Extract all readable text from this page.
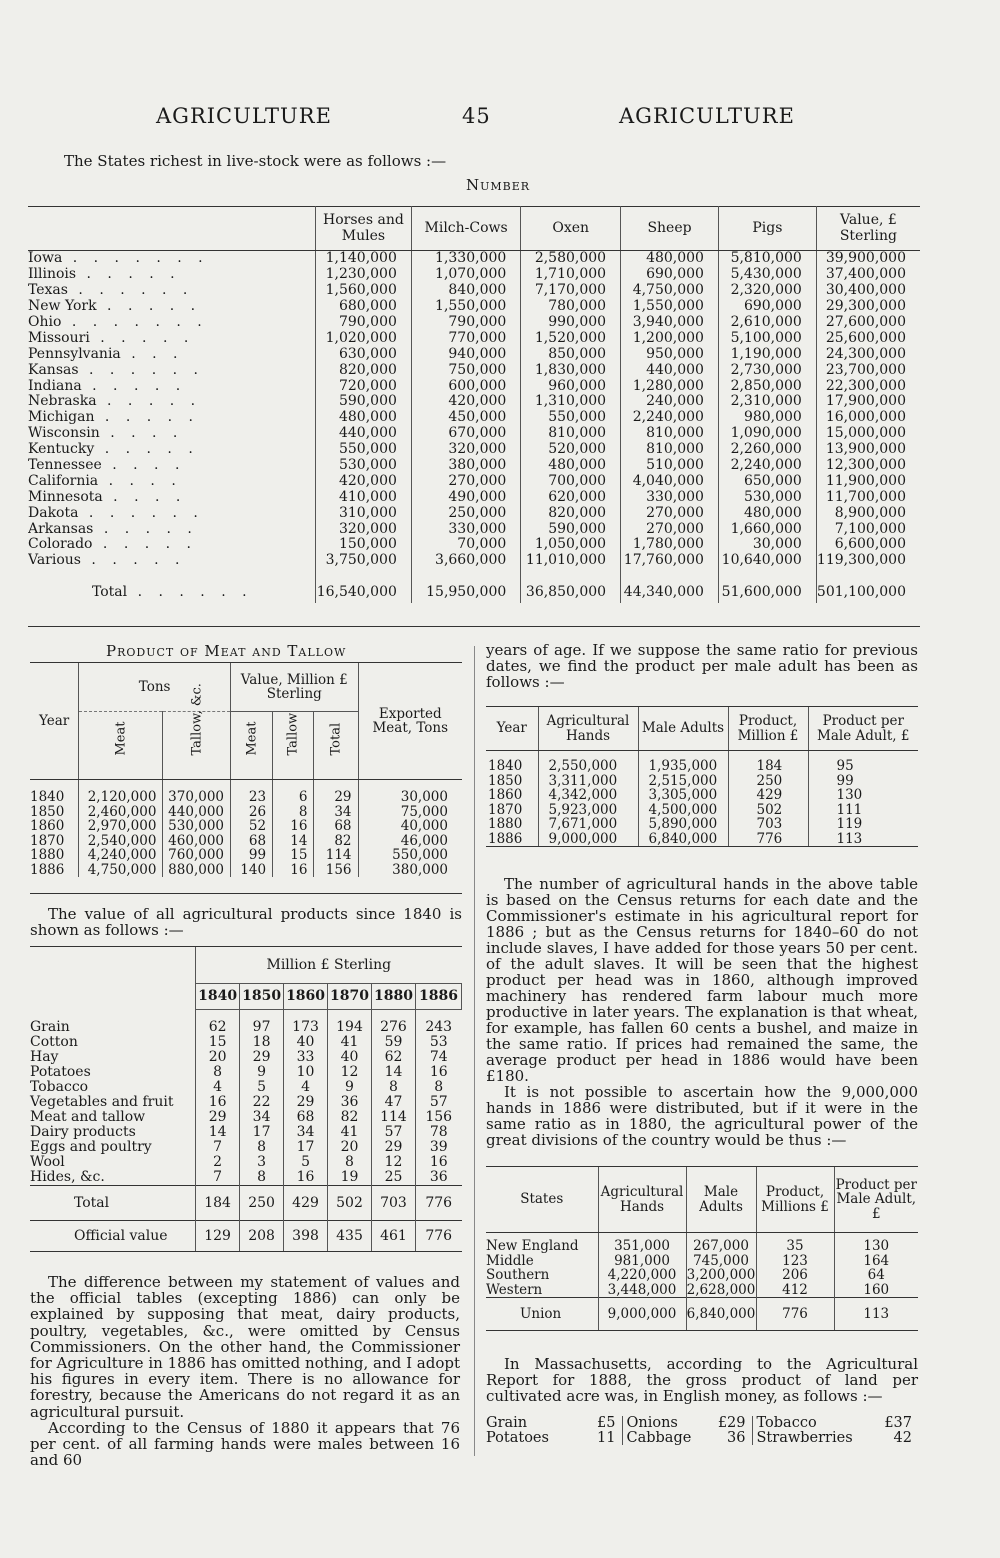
AGRICULTURE	45	AGRICULTURE
The States richest in live-stock were as follows :—
Number
	Horses and Mules	Milch-Cows	Oxen	Sheep	Pigs	Value, £ Sterling
Iowa . . . . . . .	1,140,000	1,330,000	2,580,000	480,000	5,810,000	39,900,000
Illinois . . . . .	1,230,000	1,070,000	1,710,000	690,000	5,430,000	37,400,000
Texas . . . . . .	1,560,000	840,000	7,170,000	4,750,000	2,320,000	30,400,000
New York . . . . .	680,000	1,550,000	780,000	1,550,000	690,000	29,300,000
Ohio . . . . . . .	790,000	790,000	990,000	3,940,000	2,610,000	27,600,000
Missouri . . . . .	1,020,000	770,000	1,520,000	1,200,000	5,100,000	25,600,000
Pennsylvania . . .	630,000	940,000	850,000	950,000	1,190,000	24,300,000
Kansas . . . . . .	820,000	750,000	1,830,000	440,000	2,730,000	23,700,000
Indiana . . . . .	720,000	600,000	960,000	1,280,000	2,850,000	22,300,000
Nebraska . . . . .	590,000	420,000	1,310,000	240,000	2,310,000	17,900,000
Michigan . . . . .	480,000	450,000	550,000	2,240,000	980,000	16,000,000
Wisconsin . . . .	440,000	670,000	810,000	810,000	1,090,000	15,000,000
Kentucky . . . . .	550,000	320,000	520,000	810,000	2,260,000	13,900,000
Tennessee . . . .	530,000	380,000	480,000	510,000	2,240,000	12,300,000
California . . . .	420,000	270,000	700,000	4,040,000	650,000	11,900,000
Minnesota . . . .	410,000	490,000	620,000	330,000	530,000	11,700,000
Dakota . . . . . .	310,000	250,000	820,000	270,000	480,000	8,900,000
Arkansas . . . . .	320,000	330,000	590,000	270,000	1,660,000	7,100,000
Colorado . . . . .	150,000	70,000	1,050,000	1,780,000	30,000	6,600,000
Various . . . . .	3,750,000	3,660,000	11,010,000	17,760,000	10,640,000	119,300,000
Total . . . . . .	16,540,000	15,950,000	36,850,000	44,340,000	51,600,000	501,100,000
Product of Meat and Tallow
Year	Tons		Value, Million £ Sterling			Exported Meat, Tons

	Meat	Tallow, &c.	Meat	Tallow	Total	

1840	2,120,000	370,000	23	6	29	30,000
1850	2,460,000	440,000	26	8	34	75,000
1860	2,970,000	530,000	52	16	68	40,000
1870	2,540,000	460,000	68	14	82	46,000
1880	4,240,000	760,000	99	15	114	550,000
1886	4,750,000	880,000	140	16	156	380,000

The value of all agricultural products since 1840 is shown as follows :—

	Million £ Sterling					
	1840	1850	1860	1870	1880	1886
Grain	62	97	173	194	276	243
Cotton	15	18	40	41	59	53
Hay	20	29	33	40	62	74
Potatoes	8	9	10	12	14	16
Tobacco	4	5	4	9	8	8
Vegetables and fruit	16	22	29	36	47	57
Meat and tallow	29	34	68	82	114	156
Dairy products	14	17	34	41	57	78
Eggs and poultry	7	8	17	20	29	39
Wool	2	3	5	8	12	16
Hides, &c.	7	8	16	19	25	36
Total	184	250	429	502	703	776
Official value	129	208	398	435	461	776

The difference between my statement of values and the official tables (excepting 1886) can only be explained by supposing that meat, dairy products, poultry, vegetables, &c., were omitted by Census Commissioners. On the other hand, the Commissioner for Agriculture in 1886 has omitted nothing, and I adopt his figures in every item. There is no allowance for forestry, because the Americans do not regard it as an agricultural pursuit.

According to the Census of 1880 it appears that 76 per cent. of all farming hands were males between 16 and 60

years of age. If we suppose the same ratio for previous dates, we find the product per male adult has been as follows :—

Year	Agricultural Hands	Male Adults	Product, Million £	Product per Male Adult, £
1840	2,550,000	1,935,000	184	95
1850	3,311,000	2,515,000	250	99
1860	4,342,000	3,305,000	429	130
1870	5,923,000	4,500,000	502	111
1880	7,671,000	5,890,000	703	119
1886	9,000,000	6,840,000	776	113

The number of agricultural hands in the above table is based on the Census returns for each date and the Commissioner's estimate in his agricultural report for 1886 ; but as the Census returns for 1840–60 do not include slaves, I have added for those years 50 per cent. of the adult slaves. It will be seen that the highest product per head was in 1860, although improved machinery has rendered farm labour much more productive in later years. The explanation is that wheat, for example, has fallen 60 cents a bushel, and maize in the same ratio. If prices had remained the same, the average product per head in 1886 would have been £180.

It is not possible to ascertain how the 9,000,000 hands in 1886 were distributed, but if it were in the same ratio as in 1880, the agricultural power of the great divisions of the country would be thus :—

States	Agricultural Hands	Male Adults	Product, Millions £	Product per Male Adult, £
New England	351,000	267,000	35	130
Middle	981,000	745,000	123	164
Southern	4,220,000	3,200,000	206	64
Western	3,448,000	2,628,000	412	160
Union	9,000,000	6,840,000	776	113

In Massachusetts, according to the Agricultural Report for 1888, the gross product of land per cultivated acre was, in English money, as follows :—

Grain	£5	Onions	£29	Tobacco	£37
Potatoes	11	Cabbage	36	Strawberries	42
